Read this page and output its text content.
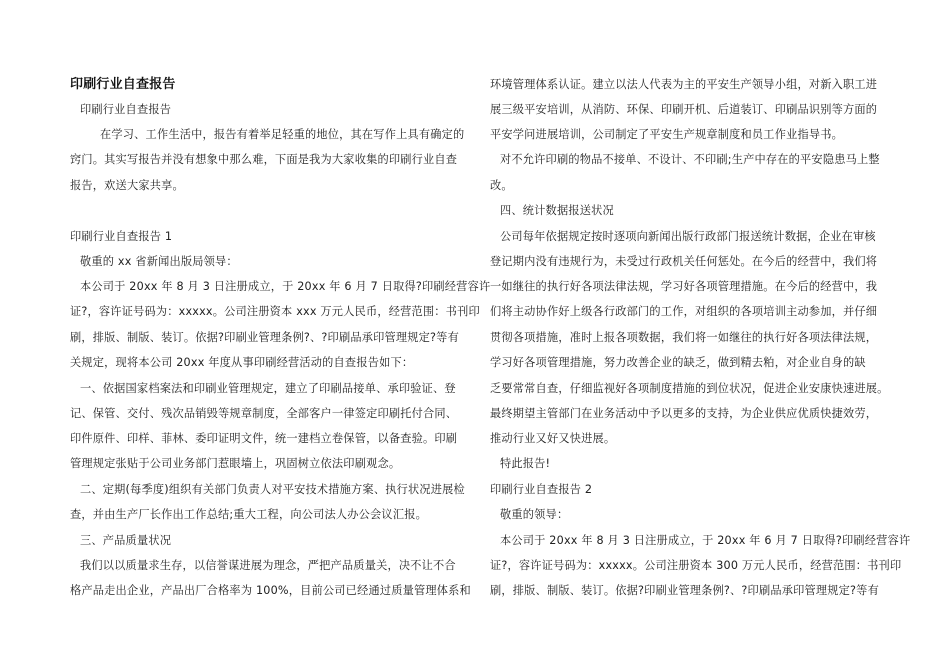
印刷行业自查报告
印刷行业自查报告
在学习、工作生活中，报告有着举足轻重的地位，其在写作上具有确定的
窍门。其实写报告并没有想象中那么难，下面是我为大家收集的印刷行业自查
报告，欢送大家共享。
印刷行业自查报告 1
敬重的 xx 省新闻出版局领导：
本公司于 20xx 年 8 月 3 日注册成立，于 20xx 年 6 月 7 日取得?印刷经营容许
证?，容许证号码为：xxxxx。公司注册资本 xxx 万元人民币，经营范围：书刊印
刷，排版、制版、装订。依据?印刷业管理条例?、?印刷品承印管理规定?等有
关规定，现将本公司 20xx 年度从事印刷经营活动的自查报告如下：
一、依据国家档案法和印刷业管理规定，建立了印刷品接单、承印验证、登
记、保管、交付、残次品销毁等规章制度，全部客户一律签定印刷托付合同、
印件原件、印样、菲林、委印证明文件，统一建档立卷保管，以备查验。印刷
管理规定张贴于公司业务部门惹眼墙上，巩固树立依法印刷观念。
二、定期(每季度)组织有关部门负责人对平安技术措施方案、执行状况进展检
查，并由生产厂长作出工作总结;重大工程，向公司法人办公会议汇报。
三、产品质量状况
我们以以质量求生存，以信誉谋进展为理念，严把产品质量关，决不让不合
格产品走出企业，产品出厂合格率为 100%，目前公司已经通过质量管理体系和
环境管理体系认证。建立以法人代表为主的平安生产领导小组，对新入职工进
展三级平安培训，从消防、环保、印刷开机、后道装订、印刷品识别等方面的
平安学问进展培训，公司制定了平安生产规章制度和员工作业指导书。
对不允许印刷的物品不接单、不设计、不印刷;生产中存在的平安隐患马上整
改。
四、统计数据报送状况
公司每年依据规定按时逐项向新闻出版行政部门报送统计数据，企业在审核
登记期内没有违规行为，未受过行政机关任何惩处。在今后的经营中，我们将
一如继往的执行好各项法律法规，学习好各项管理措施。在今后的经营中，我
们将主动协作好上级各行政部门的工作，对组织的各项培训主动参加，并仔细
贯彻各项措施，准时上报各项数据，我们将一如继往的执行好各项法律法规，
学习好各项管理措施，努力改善企业的缺乏，做到精去粕，对企业自身的缺
乏要常常自查，仔细监视好各项制度措施的到位状况，促进企业安康快速进展。
最终期望主管部门在业务活动中予以更多的支持，为企业供应优质快捷效劳，
推动行业又好又快进展。
特此报告!
印刷行业自查报告 2
敬重的领导：
本公司于 20xx 年 8 月 3 日注册成立，于 20xx 年 6 月 7 日取得?印刷经营容许
证?，容许证号码为：xxxxx。公司注册资本 300 万元人民币，经营范围：书刊印
刷，排版、制版、装订。依据?印刷业管理条例?、?印刷品承印管理规定?等有
